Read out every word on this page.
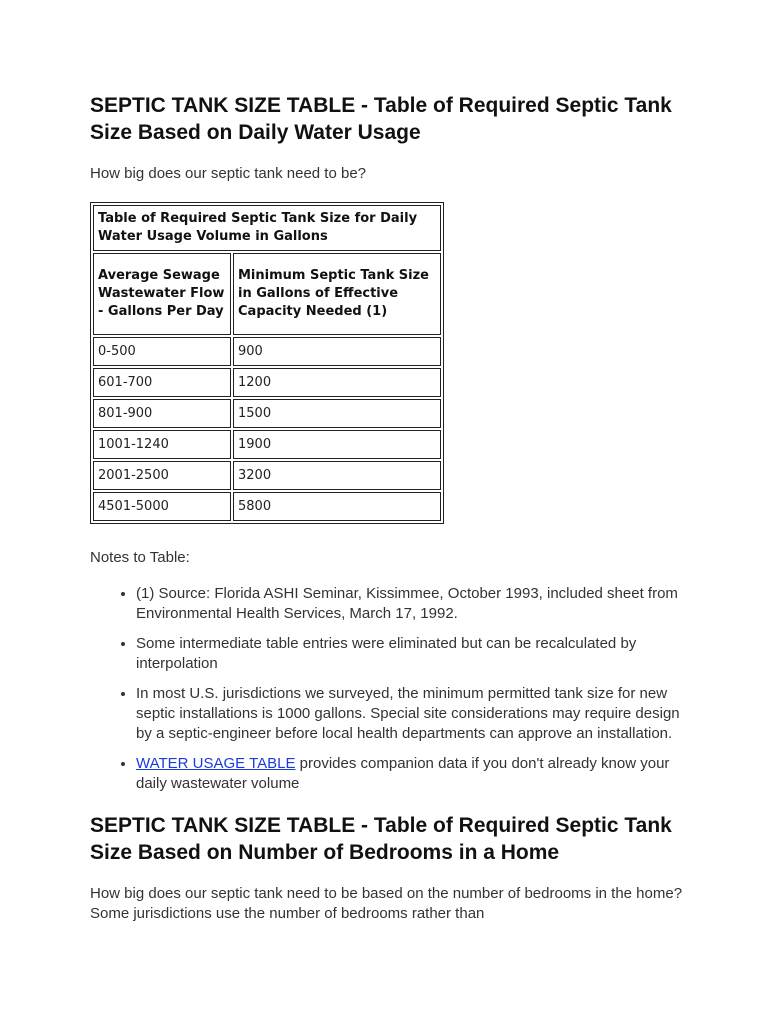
SEPTIC TANK SIZE TABLE - Table of Required Septic Tank Size Based on Daily Water Usage

How big does our septic tank need to be?

Table of Required Septic Tank Size for Daily Water Usage Volume in Gallons	
Average Sewage Wastewater Flow - Gallons Per Day	Minimum Septic Tank Size in Gallons of Effective Capacity Needed (1)
0-500	900
601-700	1200
801-900	1500
1001-1240	1900
2001-2500	3200
4501-5000	5800

Notes to Table:

• (1) Source: Florida ASHI Seminar, Kissimmee, October 1993, included sheet from Environmental Health Services, March 17, 1992.
• Some intermediate table entries were eliminated but can be recalculated by interpolation
• In most U.S. jurisdictions we surveyed, the minimum permitted tank size for new septic installations is 1000 gallons. Special site considerations may require design by a septic-engineer before local health departments can approve an installation.
• WATER USAGE TABLE provides companion data if you don't already know your daily wastewater volume
SEPTIC TANK SIZE TABLE - Table of Required Septic Tank Size Based on Number of Bedrooms in a Home

How big does our septic tank need to be based on the number of bedrooms in the home? Some jurisdictions use the number of bedrooms rather than
